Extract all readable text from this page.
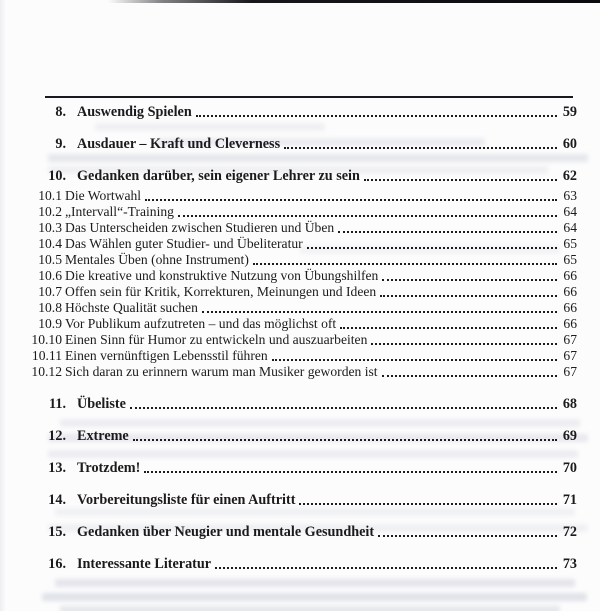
8. Auswendig Spielen	59
9. Ausdauer – Kraft und Cleverness	60
10. Gedanken darüber, sein eigener Lehrer zu sein	62
10.1 Die Wortwahl	63
10.2 „Intervall“-Training	64
10.3 Das Unterscheiden zwischen Studieren und Üben	64
10.4 Das Wählen guter Studier- und Übeliteratur	65
10.5 Mentales Üben (ohne Instrument)	65
10.6 Die kreative und konstruktive Nutzung von Übungshilfen	66
10.7 Offen sein für Kritik, Korrekturen, Meinungen und Ideen	66
10.8 Höchste Qualität suchen	66
10.9 Vor Publikum aufzutreten – und das möglichst oft	66
10.10 Einen Sinn für Humor zu entwickeln und auszuarbeiten	67
10.11 Einen vernünftigen Lebensstil führen	67
10.12 Sich daran zu erinnern warum man Musiker geworden ist	67
11. Übeliste	68
12. Extreme	69
13. Trotzdem!	70
14. Vorbereitungsliste für einen Auftritt	71
15. Gedanken über Neugier und mentale Gesundheit	72
16. Interessante Literatur	73
